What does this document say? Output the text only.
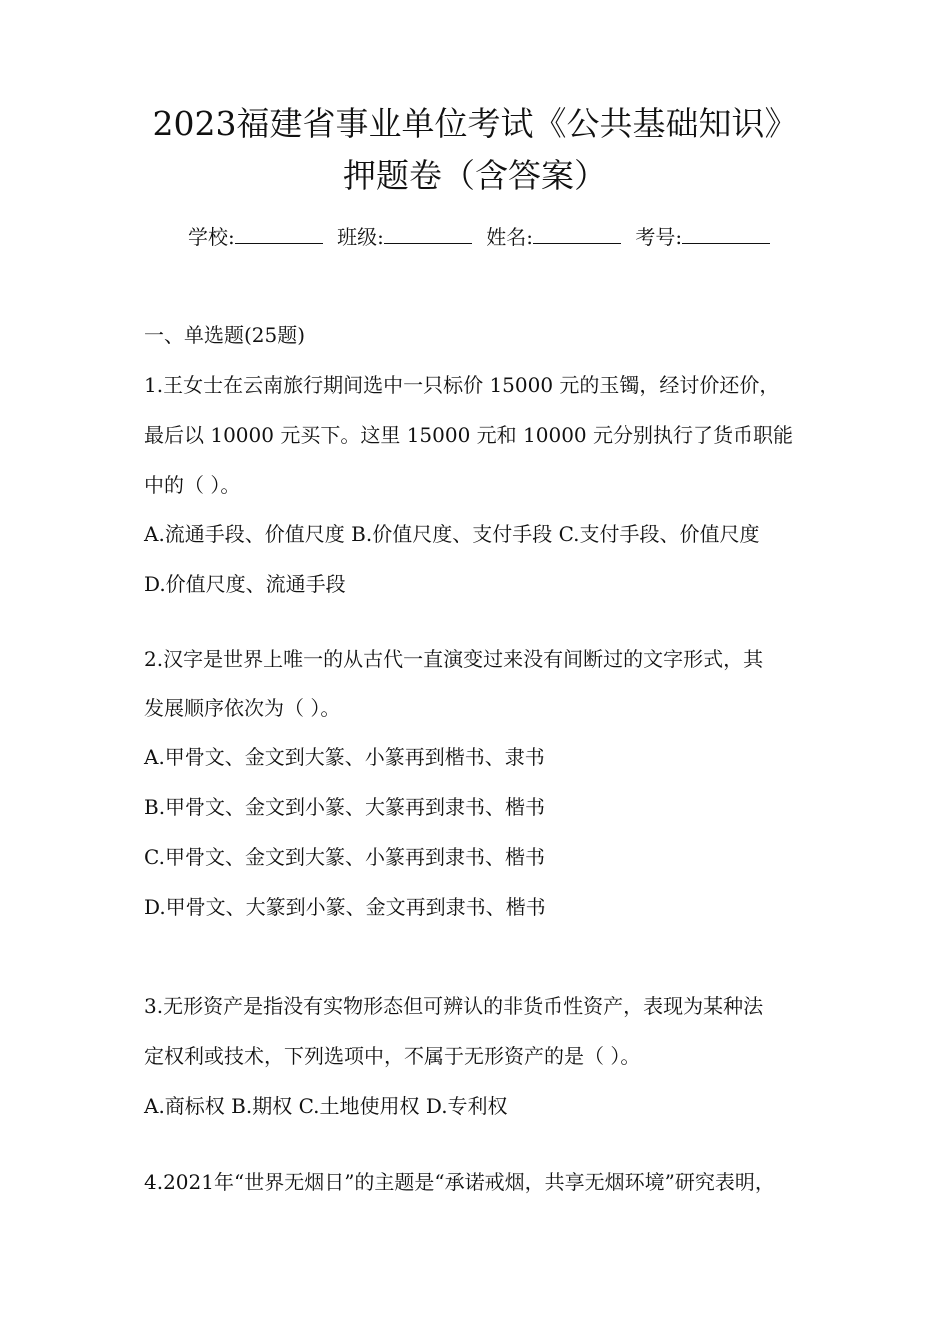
2023福建省事业单位考试《公共基础知识》
押题卷（含答案）
学校:	班级:	姓名:	考号:
一、单选题(25题)
1.王女士在云南旅行期间选中一只标价 15000 元的玉镯，经讨价还价，
最后以 10000 元买下。这里 15000 元和 10000 元分别执行了货币职能
中的（ ）。
A.流通手段、价值尺度 B.价值尺度、支付手段 C.支付手段、价值尺度
D.价值尺度、流通手段
2.汉字是世界上唯一的从古代一直演变过来没有间断过的文字形式，其
发展顺序依次为（ ）。
A.甲骨文、金文到大篆、小篆再到楷书、隶书
B.甲骨文、金文到小篆、大篆再到隶书、楷书
C.甲骨文、金文到大篆、小篆再到隶书、楷书
D.甲骨文、大篆到小篆、金文再到隶书、楷书
3.无形资产是指没有实物形态但可辨认的非货币性资产，表现为某种法
定权利或技术，下列选项中，不属于无形资产的是（ ）。
A.商标权 B.期权 C.土地使用权 D.专利权
4.2021年“世界无烟日”的主题是“承诺戒烟，共享无烟环境”研究表明，
